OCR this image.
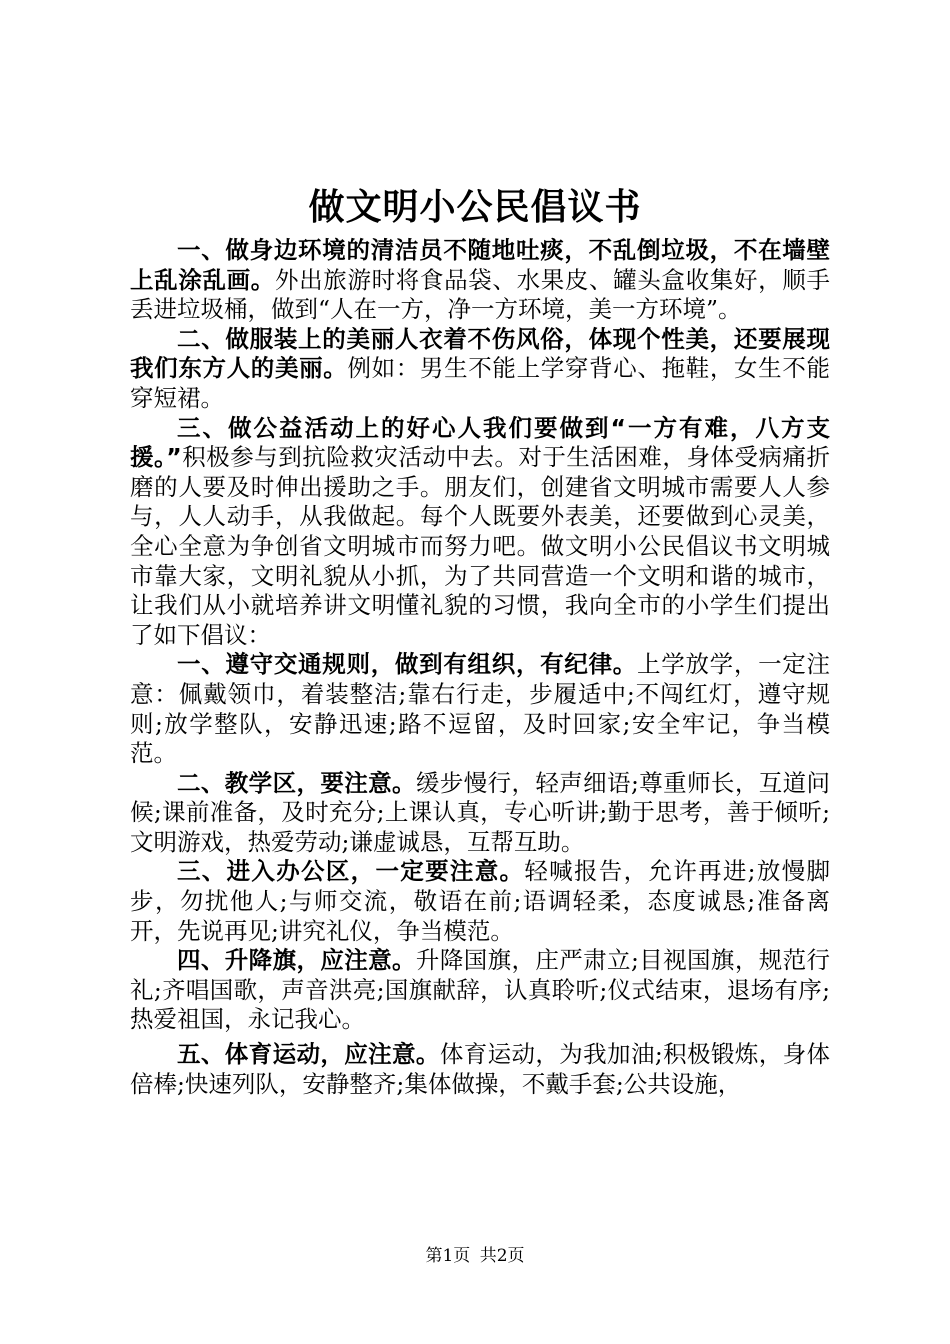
做文明小公民倡议书

一、做身边环境的清洁员不随地吐痰，不乱倒垃圾，不在墙壁上乱涂乱画。外出旅游时将食品袋、水果皮、罐头盒收集好，顺手丢进垃圾桶，做到“人在一方，净一方环境，美一方环境”。

二、做服装上的美丽人衣着不伤风俗，体现个性美，还要展现我们东方人的美丽。例如：男生不能上学穿背心、拖鞋，女生不能穿短裙。

三、做公益活动上的好心人我们要做到“一方有难，八方支援。”积极参与到抗险救灾活动中去。对于生活困难，身体受病痛折磨的人要及时伸出援助之手。朋友们，创建省文明城市需要人人参与，人人动手，从我做起。每个人既要外表美，还要做到心灵美，全心全意为争创省文明城市而努力吧。做文明小公民倡议书文明城市靠大家，文明礼貌从小抓，为了共同营造一个文明和谐的城市，让我们从小就培养讲文明懂礼貌的习惯，我向全市的小学生们提出了如下倡议：

一、遵守交通规则，做到有组织，有纪律。上学放学，一定注意：佩戴领巾，着装整洁;靠右行走，步履适中;不闯红灯，遵守规则;放学整队，安静迅速;路不逗留，及时回家;安全牢记，争当模范。

二、教学区，要注意。缓步慢行，轻声细语;尊重师长，互道问候;课前准备，及时充分;上课认真，专心听讲;勤于思考，善于倾听;文明游戏，热爱劳动;谦虚诚恳，互帮互助。

三、进入办公区，一定要注意。轻喊报告，允许再进;放慢脚步，勿扰他人;与师交流，敬语在前;语调轻柔，态度诚恳;准备离开，先说再见;讲究礼仪，争当模范。

四、升降旗，应注意。升降国旗，庄严肃立;目视国旗，规范行礼;齐唱国歌，声音洪亮;国旗献辞，认真聆听;仪式结束，退场有序;热爱祖国，永记我心。

五、体育运动，应注意。体育运动，为我加油;积极锻炼，身体倍棒;快速列队，安静整齐;集体做操，不戴手套;公共设施，

第1页 共2页
